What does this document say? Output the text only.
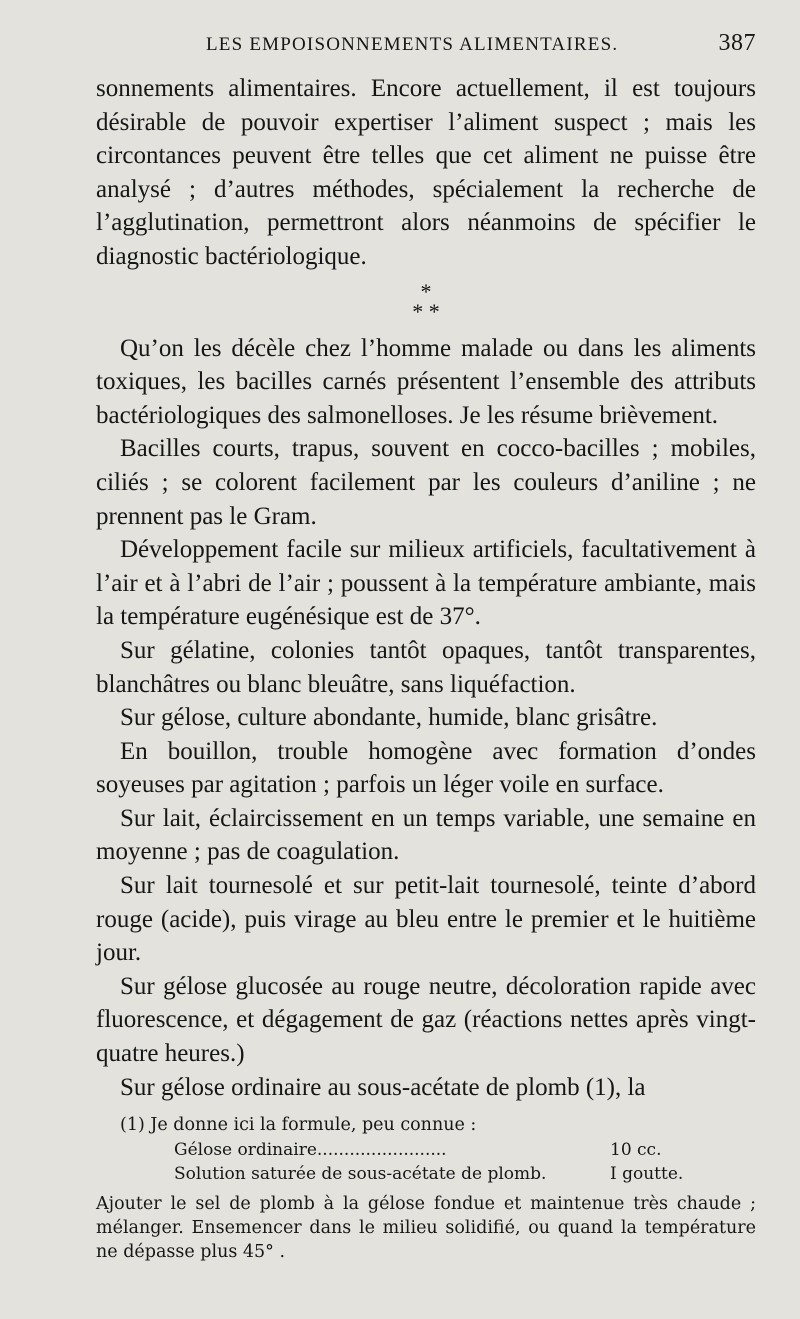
LES EMPOISONNEMENTS ALIMENTAIRES.	387

sonnements alimentaires. Encore actuellement, il est toujours désirable de pouvoir expertiser l’aliment suspect ; mais les circontances peuvent être telles que cet aliment ne puisse être analysé ; d’autres méthodes, spécialement la recherche de l’agglutination, permettront alors néanmoins de spécifier le diagnostic bactériologique.

*
* *

Qu’on les décèle chez l’homme malade ou dans les aliments toxiques, les bacilles carnés présentent l’ensemble des attributs bactériologiques des salmonelloses. Je les résume brièvement.

Bacilles courts, trapus, souvent en cocco-bacilles ; mobiles, ciliés ; se colorent facilement par les couleurs d’aniline ; ne prennent pas le Gram.

Développement facile sur milieux artificiels, facultativement à l’air et à l’abri de l’air ; poussent à la température ambiante, mais la température eugénésique est de 37°.

Sur gélatine, colonies tantôt opaques, tantôt transparentes, blanchâtres ou blanc bleuâtre, sans liquéfaction.

Sur gélose, culture abondante, humide, blanc grisâtre.

En bouillon, trouble homogène avec formation d’ondes soyeuses par agitation ; parfois un léger voile en surface.

Sur lait, éclaircissement en un temps variable, une semaine en moyenne ; pas de coagulation.

Sur lait tournesolé et sur petit-lait tournesolé, teinte d’abord rouge (acide), puis virage au bleu entre le premier et le huitième jour.

Sur gélose glucosée au rouge neutre, décoloration rapide avec fluorescence, et dégagement de gaz (réactions nettes après vingt-quatre heures.)

Sur gélose ordinaire au sous-acétate de plomb (1), la

(1) Je donne ici la formule, peu connue :
Gélose ordinaire........................	10 cc.
Solution saturée de sous-acétate de plomb.	I goutte.
Ajouter le sel de plomb à la gélose fondue et maintenue très chaude ; mélanger. Ensemencer dans le milieu solidifié, ou quand la température ne dépasse plus 45° .
